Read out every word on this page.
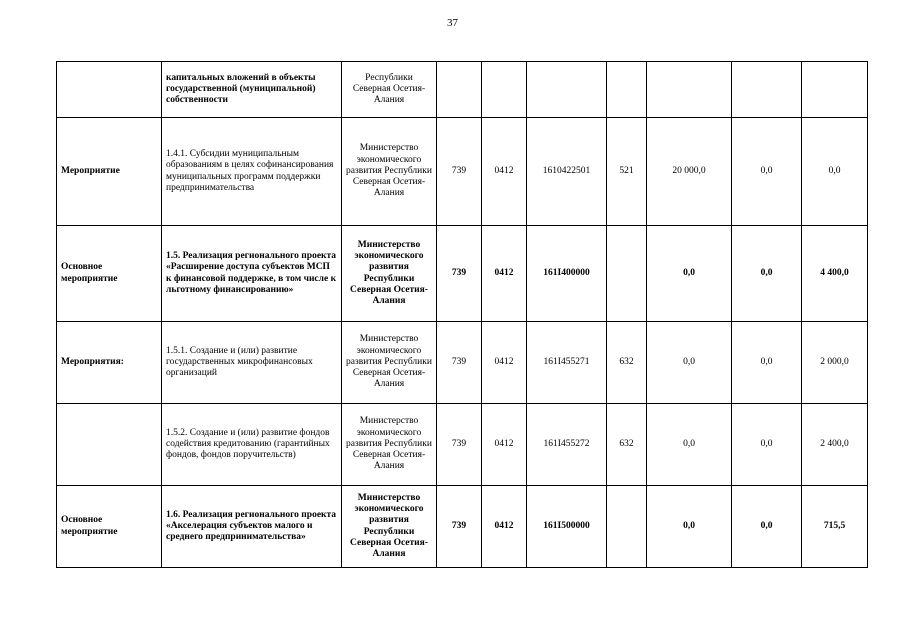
37
	капитальных вложений в объекты государственной (муниципальной) собственности	Республики Северная Осетия-Алания							
Мероприятие	1.4.1. Субсидии муниципальным образованиям в целях софинансирования муниципальных программ поддержки предпринимательства	Министерство экономического развития Республики Северная Осетия-Алания	739	0412	1610422501	521	20 000,0	0,0	0,0
Основное мероприятие	1.5. Реализация регионального проекта «Расширение доступа субъектов МСП к финансовой поддержке, в том числе к льготному финансированию»	Министерство экономического развития Республики Северная Осетия-Алания	739	0412	161I400000		0,0	0,0	4 400,0
Мероприятия:	1.5.1. Создание и (или) развитие государственных микрофинансовых организаций	Министерство экономического развития Республики Северная Осетия-Алания	739	0412	161I455271	632	0,0	0,0	2 000,0
	1.5.2. Создание и (или) развитие фондов содействия кредитованию (гарантийных фондов, фондов поручительств)	Министерство экономического развития Республики Северная Осетия-Алания	739	0412	161I455272	632	0,0	0,0	2 400,0
Основное мероприятие	1.6. Реализация регионального проекта «Акселерация субъектов малого и среднего предпринимательства»	Министерство экономического развития Республики Северная Осетия-Алания	739	0412	161I500000		0,0	0,0	715,5
